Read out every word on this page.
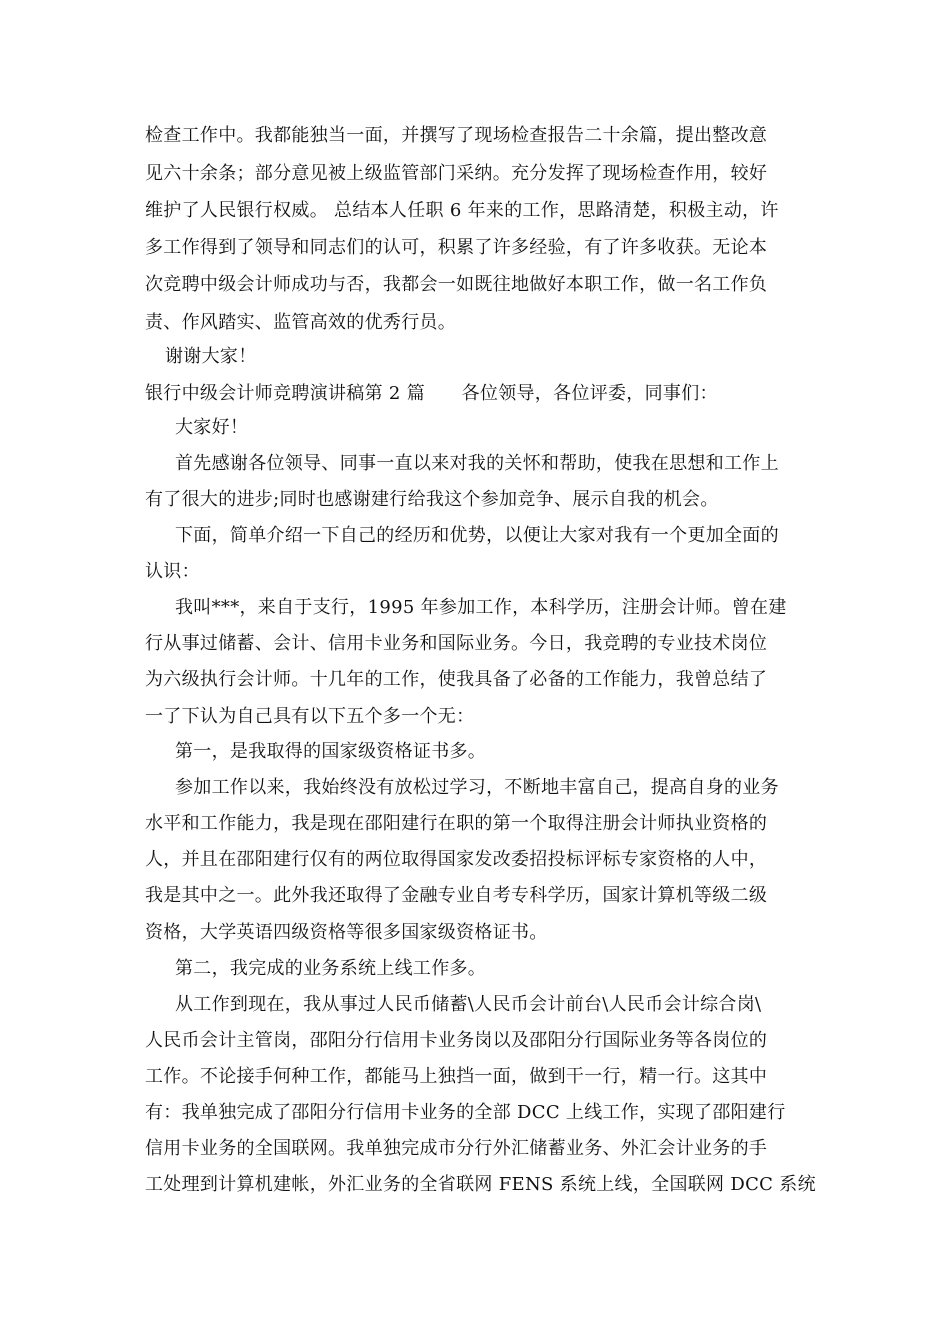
检查工作中。我都能独当一面，并撰写了现场检查报告二十余篇，提出整改意
见六十余条；部分意见被上级监管部门采纳。充分发挥了现场检查作用，较好
维护了人民银行权威。 总结本人任职 6 年来的工作，思路清楚，积极主动，许
多工作得到了领导和同志们的认可，积累了许多经验，有了许多收获。无论本
次竞聘中级会计师成功与否，我都会一如既往地做好本职工作，做一名工作负
责、作风踏实、监管高效的优秀行员。
谢谢大家！
银行中级会计师竞聘演讲稿第 2 篇　　各位领导，各位评委，同事们：
大家好！
首先感谢各位领导、同事一直以来对我的关怀和帮助，使我在思想和工作上
有了很大的进步;同时也感谢建行给我这个参加竞争、展示自我的机会。
下面，简单介绍一下自己的经历和优势，以便让大家对我有一个更加全面的
认识：
我叫***，来自于支行，1995 年参加工作，本科学历，注册会计师。曾在建
行从事过储蓄、会计、信用卡业务和国际业务。今日，我竞聘的专业技术岗位
为六级执行会计师。十几年的工作，使我具备了必备的工作能力，我曾总结了
一了下认为自己具有以下五个多一个无：
第一，是我取得的国家级资格证书多。
参加工作以来，我始终没有放松过学习，不断地丰富自己，提高自身的业务
水平和工作能力，我是现在邵阳建行在职的第一个取得注册会计师执业资格的
人，并且在邵阳建行仅有的两位取得国家发改委招投标评标专家资格的人中，
我是其中之一。此外我还取得了金融专业自考专科学历，国家计算机等级二级
资格，大学英语四级资格等很多国家级资格证书。
第二，我完成的业务系统上线工作多。
从工作到现在，我从事过人民币储蓄\人民币会计前台\人民币会计综合岗\
人民币会计主管岗，邵阳分行信用卡业务岗以及邵阳分行国际业务等各岗位的
工作。不论接手何种工作，都能马上独挡一面，做到干一行，精一行。这其中
有：我单独完成了邵阳分行信用卡业务的全部 DCC 上线工作，实现了邵阳建行
信用卡业务的全国联网。我单独完成市分行外汇储蓄业务、外汇会计业务的手
工处理到计算机建帐，外汇业务的全省联网 FENS 系统上线，全国联网 DCC 系统
